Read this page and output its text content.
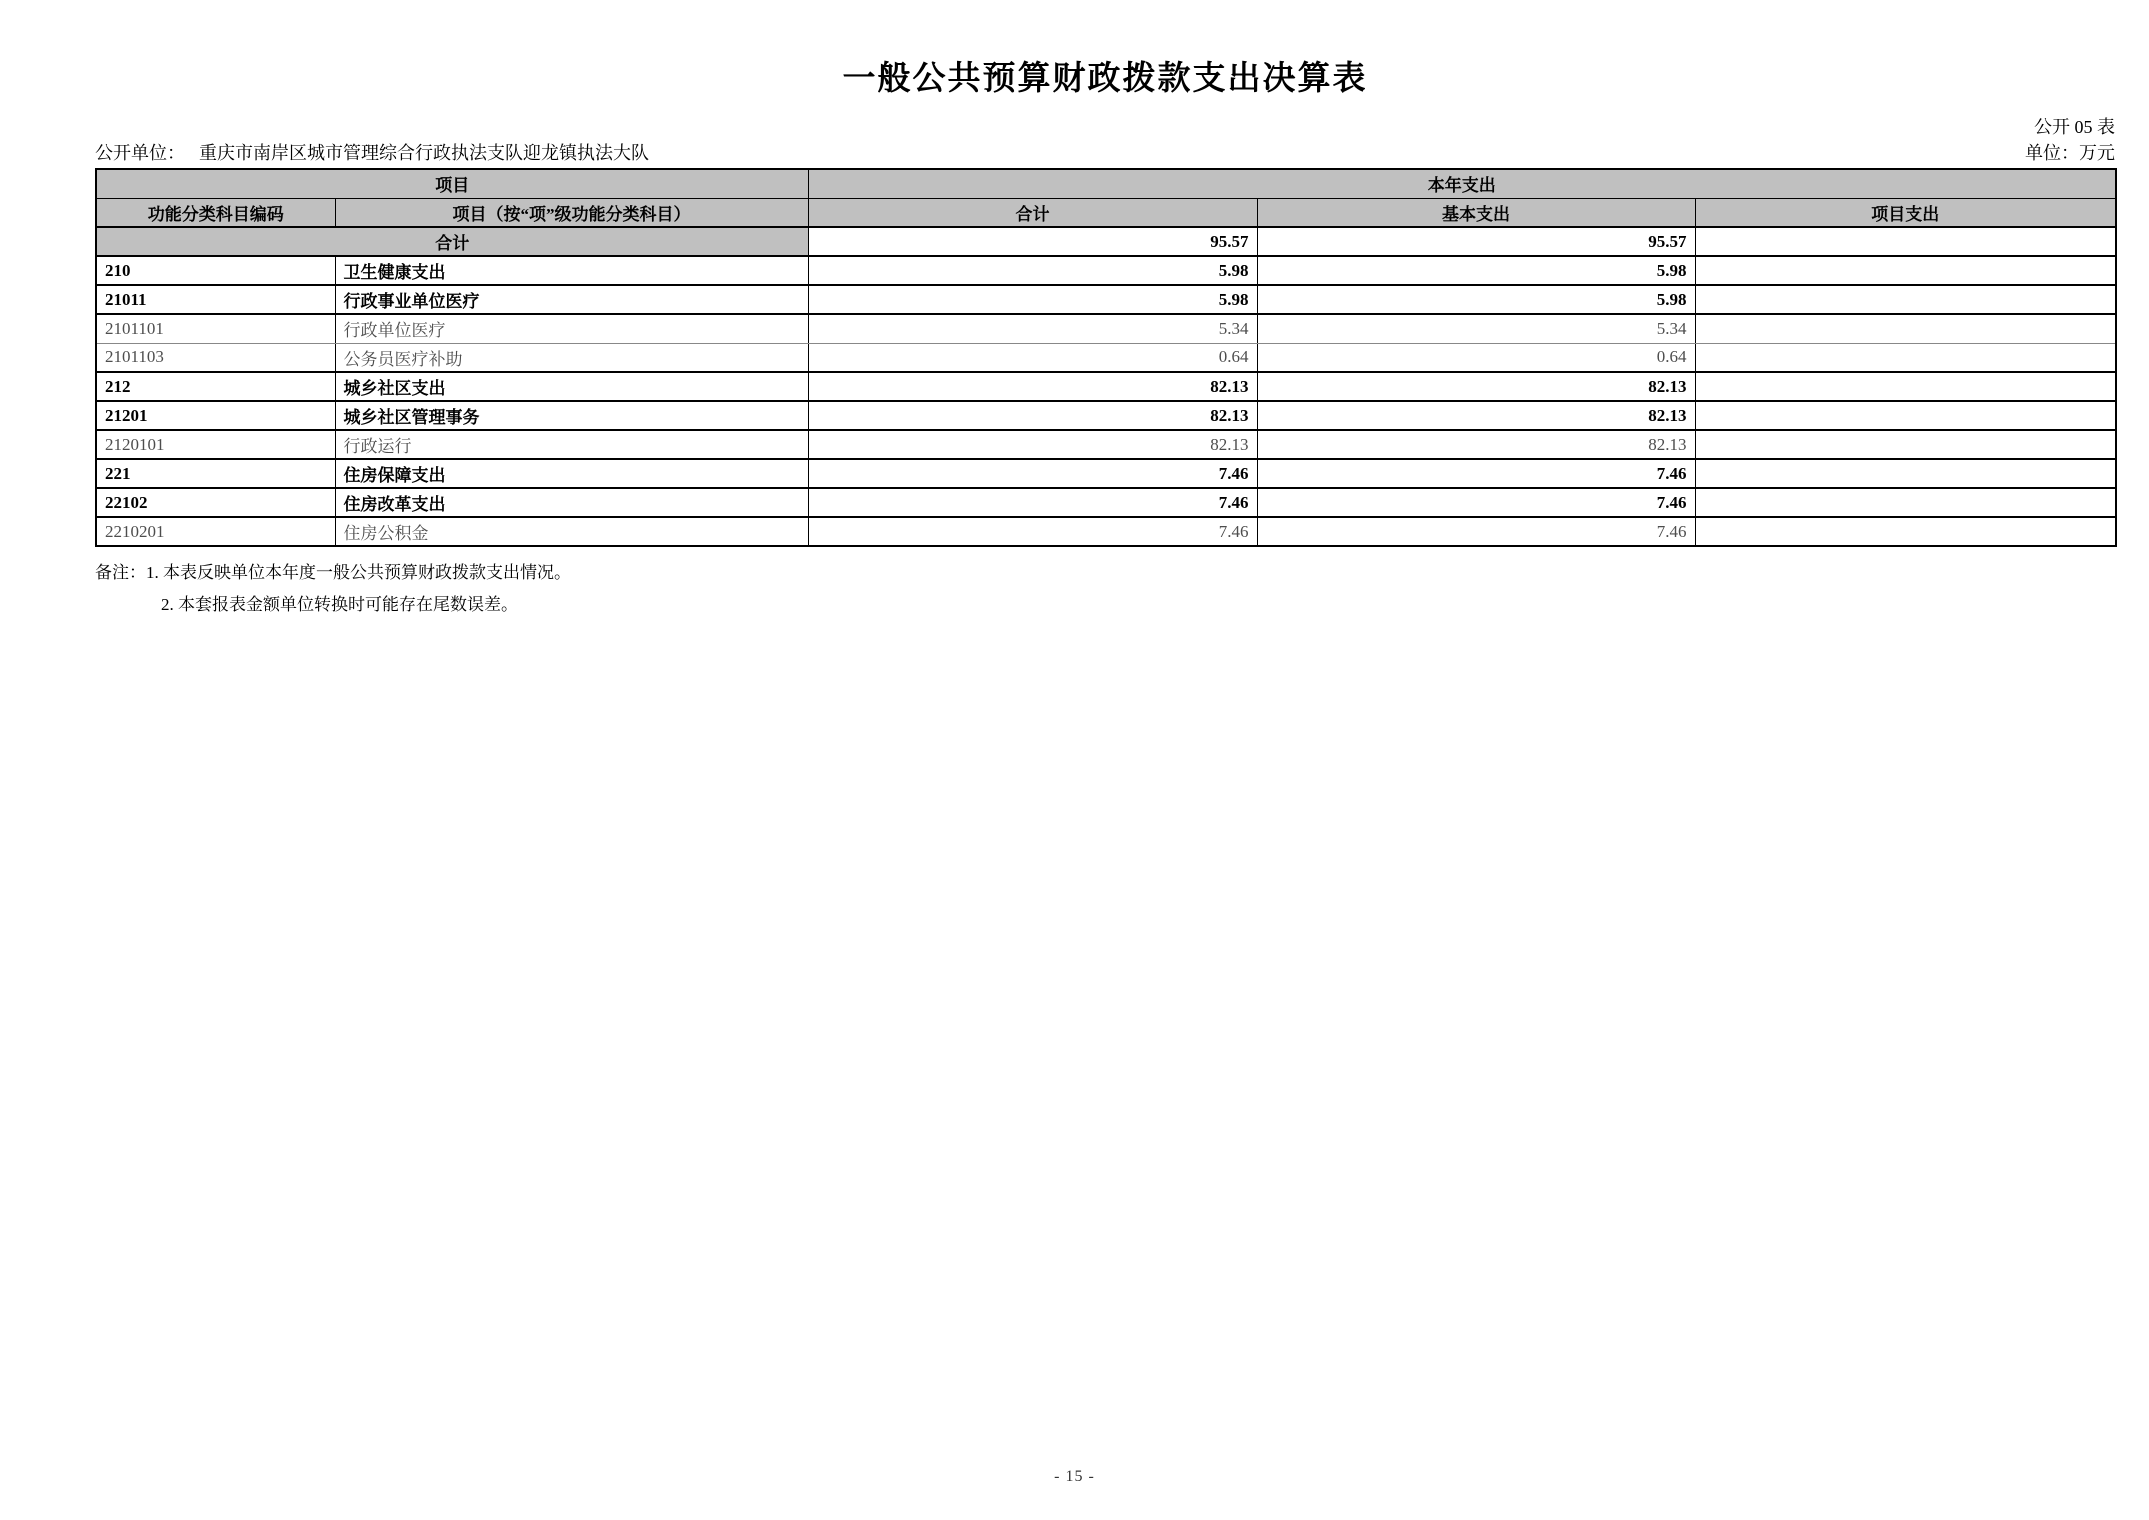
一般公共预算财政拨款支出决算表
公开 05 表
公开单位： 重庆市南岸区城市管理综合行政执法支队迎龙镇执法大队	单位：万元
项目		本年支出		
功能分类科目编码	项目（按“项”级功能分类科目）	合计	基本支出	项目支出
合计		95.57	95.57	
210	卫生健康支出	5.98	5.98	
21011	行政事业单位医疗	5.98	5.98	
2101101	行政单位医疗	5.34	5.34	
2101103	公务员医疗补助	0.64	0.64	
212	城乡社区支出	82.13	82.13	
21201	城乡社区管理事务	82.13	82.13	
2120101	行政运行	82.13	82.13	
221	住房保障支出	7.46	7.46	
22102	住房改革支出	7.46	7.46	
2210201	住房公积金	7.46	7.46	
备注：1. 本表反映单位本年度一般公共预算财政拨款支出情况。
2. 本套报表金额单位转换时可能存在尾数误差。
- 15 -
